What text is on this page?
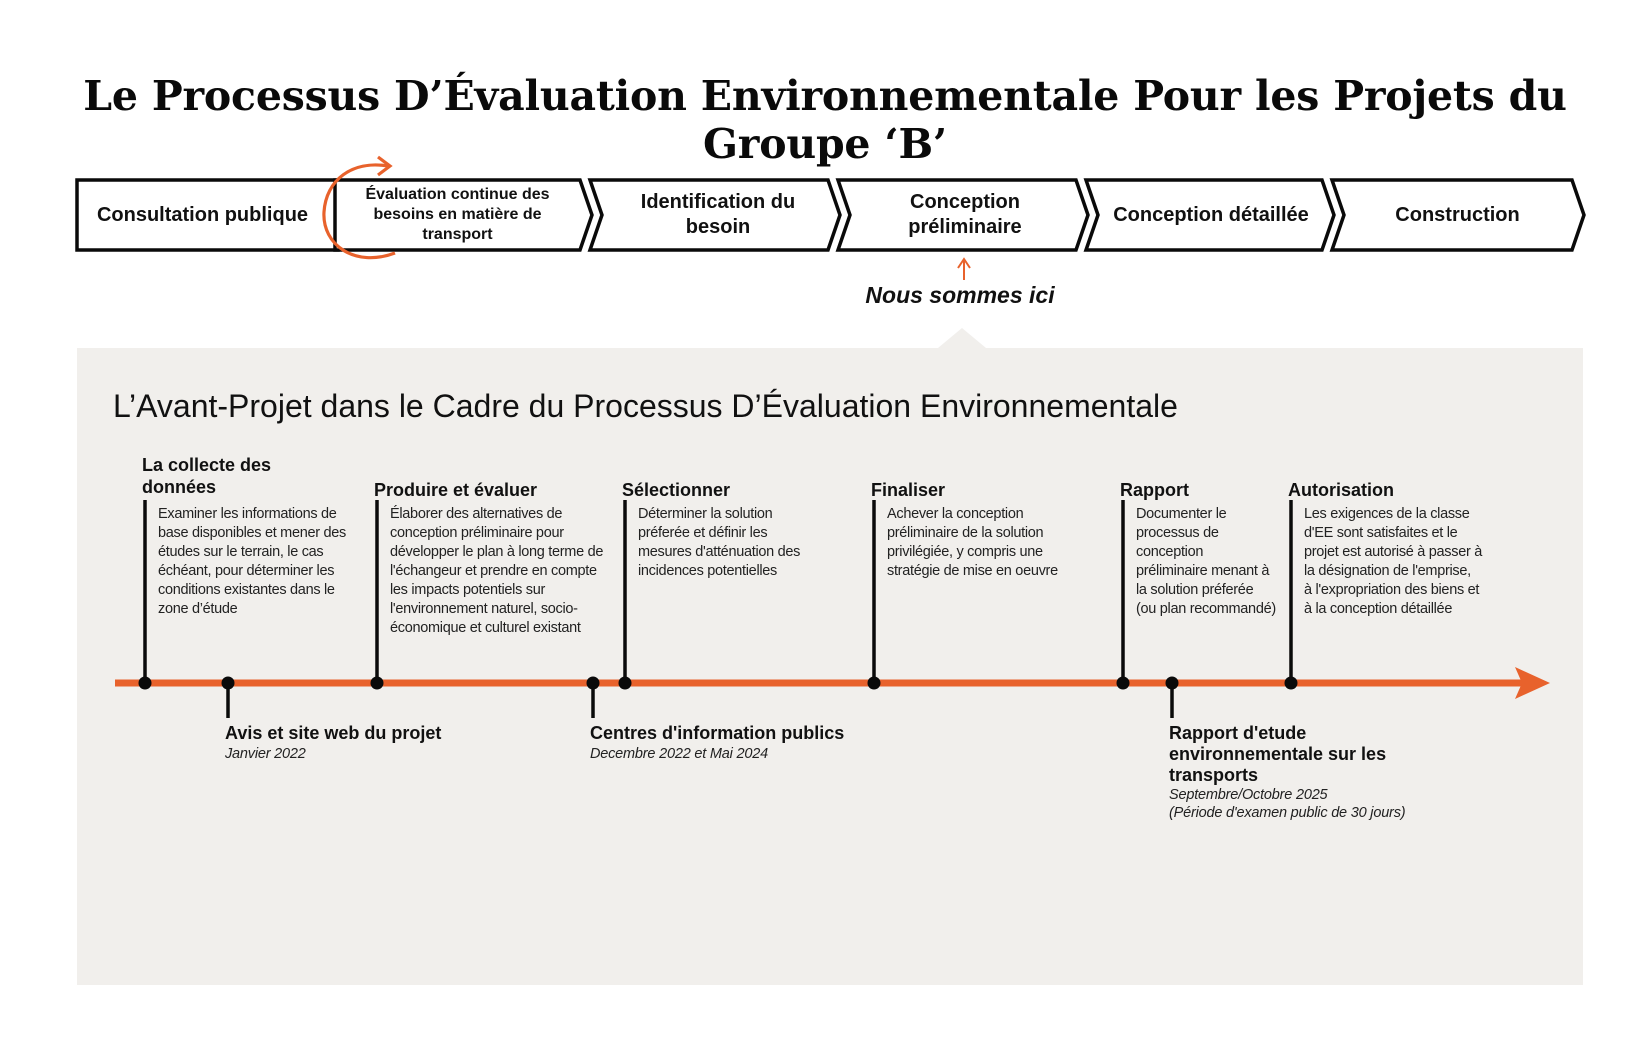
Le Processus D’Évaluation Environnementale Pour les Projets du Groupe ‘B’
Consultation publique
Évaluation continue des besoins en matière de transport
Identification du besoin
Conception préliminaire
Conception détaillée	Construction
Nous sommes ici
L’Avant-Projet dans le Cadre du Processus D’Évaluation Environnementale
La collecte des données
Examiner les informations de base disponibles et mener des études sur le terrain, le cas échéant, pour déterminer les conditions existantes dans le zone d’étude
Produire et évaluer
Élaborer des alternatives de conception préliminaire pour développer le plan à long terme de l'échangeur et prendre en compte les impacts potentiels sur l'environnement naturel, socio-économique et culturel existant
Sélectionner
Déterminer la solution préferée et définir les mesures d'atténuation des incidences potentielles
Finaliser
Achever la conception préliminaire de la solution privilégiée, y compris une stratégie de mise en oeuvre
Rapport
Documenter le processus de conception préliminaire menant à la solution préferée (ou plan recommandé)
Autorisation
Les exigences de la classe d'EE sont satisfaites et le projet est autorisé à passer à la désignation de l'emprise, à l'expropriation des biens et à la conception détaillée
Avis et site web du projet
Janvier 2022
Centres d'information publics
Decembre 2022 et Mai 2024
Rapport d'etude environnementale sur les transports
Septembre/Octobre 2025
(Période d'examen public de 30 jours)
